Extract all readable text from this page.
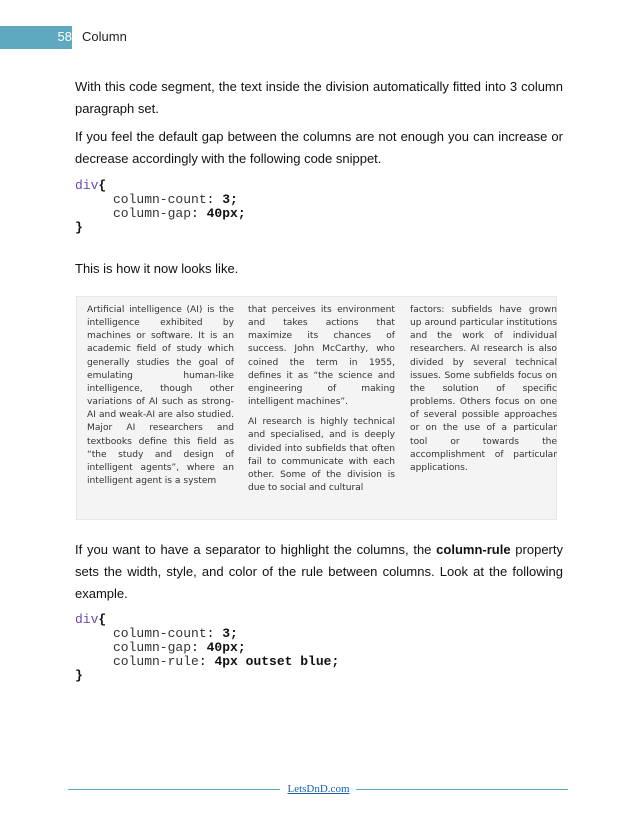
58 Column

With this code segment, the text inside the division automatically fitted into 3 column paragraph set.

If you feel the default gap between the columns are not enough you can increase or decrease accordingly with the following code snippet.

div{
column-count: 3;
column-gap: 40px;
}

This is how it now looks like.

Artificial intelligence (AI) is the intelligence exhibited by machines or software. It is an academic field of study which generally studies the goal of emulating human-like intelligence, though other variations of AI such as strong-AI and weak-AI are also studied. Major AI researchers and textbooks define this field as “the study and design of intelligent agents”, where an intelligent agent is a system

that perceives its environment and takes actions that maximize its chances of success. John McCarthy, who coined the term in 1955, defines it as “the science and engineering of making intelligent machines”.

AI research is highly technical and specialised, and is deeply divided into subfields that often fail to communicate with each other. Some of the division is due to social and cultural

factors: subfields have grown up around particular institutions and the work of individual researchers. AI research is also divided by several technical issues. Some subfields focus on the solution of specific problems. Others focus on one of several possible approaches or on the use of a particular tool or towards the accomplishment of particular applications.

If you want to have a separator to highlight the columns, the column-rule property sets the width, style, and color of the rule between columns. Look at the following example.

div{
column-count: 3;
column-gap: 40px;
column-rule: 4px outset blue;
}
LetsDnD.com
